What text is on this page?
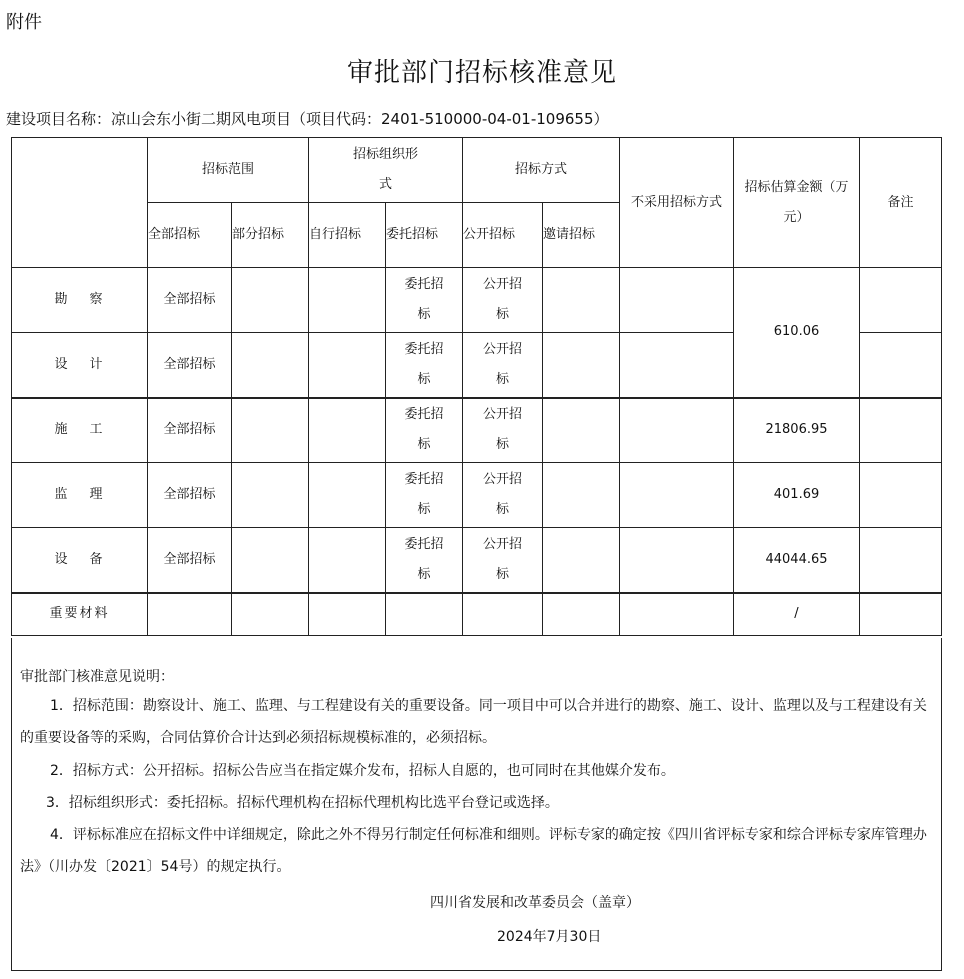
附件
审批部门招标核准意见
建设项目名称：凉山会东小街二期风电项目（项目代码：2401-510000-04-01-109655）
	招标范围		招标组织形式		招标方式		不采用招标方式	招标估算金额（万元）	备注
	全部招标	部分招标	自行招标	委托招标	公开招标	邀请招标			
勘察	全部招标			委托招标	公开招标			610.06	
设计	全部招标			委托招标	公开招标				
施工	全部招标			委托招标	公开招标			21806.95	
监理	全部招标			委托招标	公开招标			401.69	
设备	全部招标			委托招标	公开招标			44044.65	
重要材料								/	
审批部门核准意见说明：
1．招标范围：勘察设计、施工、监理、与工程建设有关的重要设备。同一项目中可以合并进行的勘察、施工、设计、监理以及与工程建设有关的重要设备等的采购，合同估算价合计达到必须招标规模标准的，必须招标。
2．招标方式：公开招标。招标公告应当在指定媒介发布，招标人自愿的，也可同时在其他媒介发布。
3．招标组织形式：委托招标。招标代理机构在招标代理机构比选平台登记或选择。
4．评标标准应在招标文件中详细规定，除此之外不得另行制定任何标准和细则。评标专家的确定按《四川省评标专家和综合评标专家库管理办法》（川办发〔2021〕54号）的规定执行。
四川省发展和改革委员会（盖章）
2024年7月30日
